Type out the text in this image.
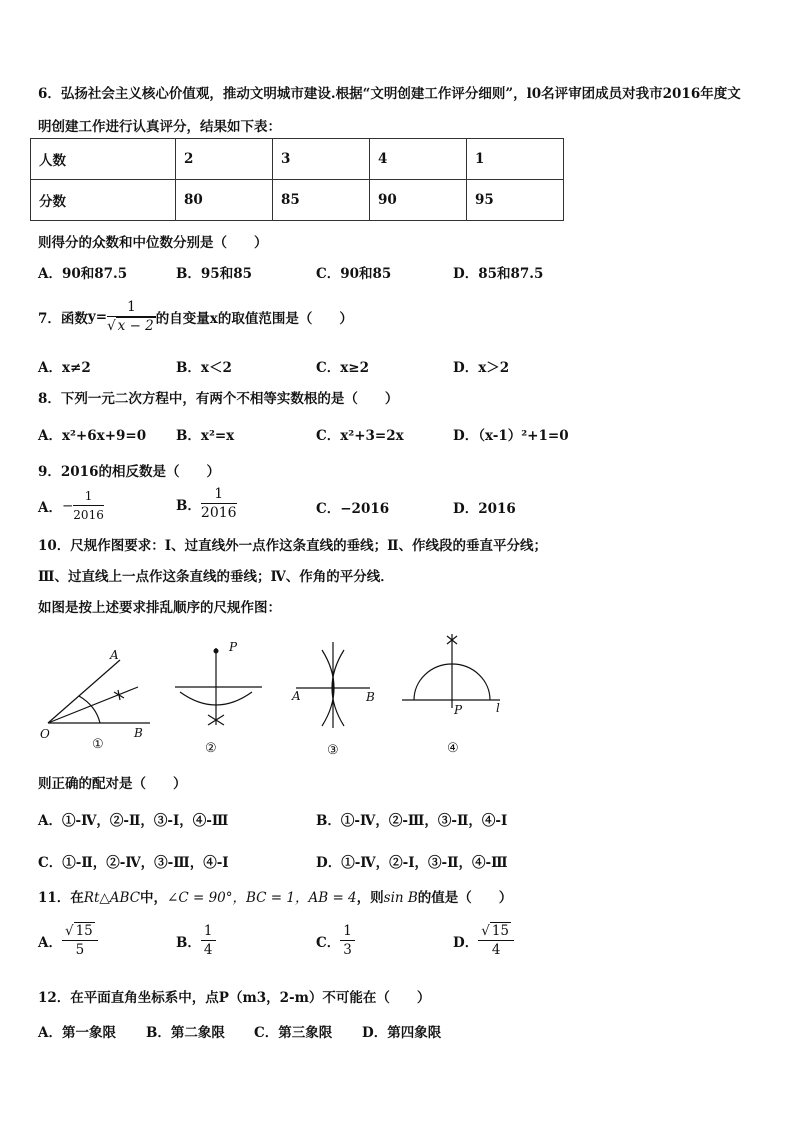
6．弘扬社会主义核心价值观，推动文明城市建设.根据“文明创建工作评分细则”，l0名评审团成员对我市2016年度文
明创建工作进行认真评分，结果如下表：
人数	2	3	4	1
分数	80	85	90	95
则得分的众数和中位数分别是（　　）
A．90和87.5	B．95和85	C．90和85	D．85和87.5
7．函数 $y= \frac{1}{√ x - 2}$ 的自变量x的取值范围是（　　）
A．x≠2	B．x＜2	C．x≥2	D．x＞2
8．下列一元二次方程中，有两个不相等实数根的是（　　）
A．x²+6x+9=0 B．x²=x	C．x²+3=2x	D．（x-1）²+1=0
9．2016的相反数是（　　）
A． − $\frac{1}{2016}$	B． $\frac{1}{2016}$	C．−2016	D．2016
10．尺规作图要求：Ⅰ、过直线外一点作这条直线的垂线；Ⅱ、作线段的垂直平分线；
Ⅲ、过直线上一点作这条直线的垂线；Ⅳ、作角的平分线．
如图是按上述要求排乱顺序的尺规作图：
A
O	B
P
A	B
P	l
①	②	③	④
则正确的配对是（　　）
A．①-Ⅳ，②-Ⅱ，③-Ⅰ，④-Ⅲ	B．①-Ⅳ，②-Ⅲ，③-Ⅱ，④-Ⅰ
C．①-Ⅱ，②-Ⅳ，③-Ⅲ，④-Ⅰ	D．①-Ⅳ，②-Ⅰ，③-Ⅱ，④-Ⅲ
11．在Rt△ABC中，∠C = 90°，BC = 1，AB = 4，则sin B的值是（　　）
A． $\frac{√ 15}{5}$	B． $\frac{1}{4}$	C． $\frac{1}{3}$	D． $\frac{√ 15}{4}$
12．在平面直角坐标系中，点P（m3，2-m）不可能在（　　）
A．第一象限 B．第二象限 C．第三象限 D．第四象限
